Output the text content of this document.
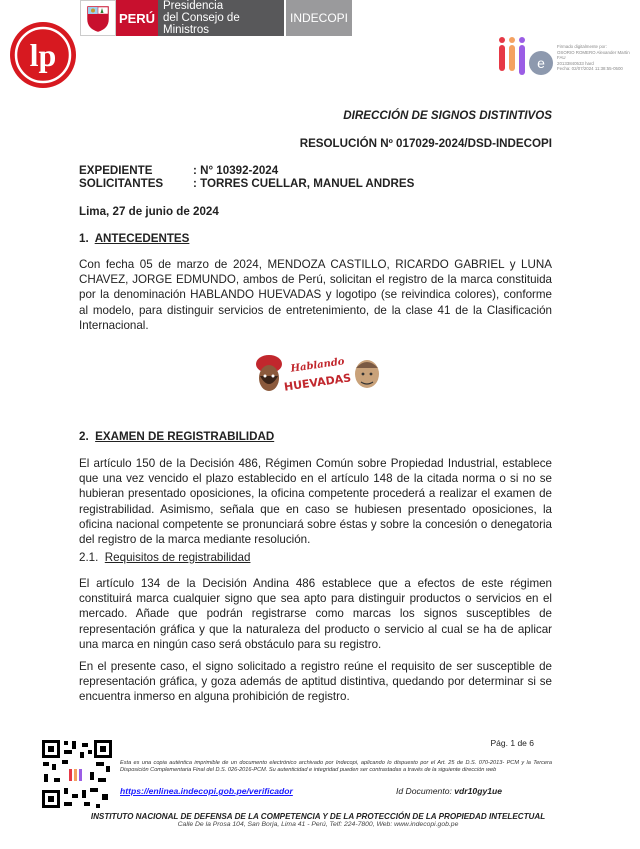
PERÚ
Presidencia
del Consejo de Ministros
INDECOPI
lp	e
Firmado digitalmente por:
OSORIO ROMERO Alexander Martin FAU
20133840533 hard
Fecha: 02/07/2024 11:38:55-0500
DIRECCIÓN DE SIGNOS DISTINTIVOS
RESOLUCIÓN Nº 017029-2024/DSD-INDECOPI
EXPEDIENTE	: N° 10392-2024
SOLICITANTES	: TORRES CUELLAR, MANUEL ANDRES
Lima, 27 de junio de 2024
1. ANTECEDENTES
Con fecha 05 de marzo de 2024, MENDOZA CASTILLO, RICARDO GABRIEL y LUNA CHAVEZ, JORGE EDMUNDO, ambos de Perú, solicitan el registro de la marca constituida por la denominación HABLANDO HUEVADAS y logotipo (se reivindica colores), conforme al modelo, para distinguir servicios de entretenimiento, de la clase 41 de la Clasificación Internacional.
Hablando
HUEVADAS
2. EXAMEN DE REGISTRABILIDAD
El artículo 150 de la Decisión 486, Régimen Común sobre Propiedad Industrial, establece que una vez vencido el plazo establecido en el artículo 148 de la citada norma o si no se hubieran presentado oposiciones, la oficina competente procederá a realizar el examen de registrabilidad. Asimismo, señala que en caso se hubiesen presentado oposiciones, la oficina nacional competente se pronunciará sobre éstas y sobre la concesión o denegatoria del registro de la marca mediante resolución.
2.1. Requisitos de registrabilidad
El artículo 134 de la Decisión Andina 486 establece que a efectos de este régimen constituirá marca cualquier signo que sea apto para distinguir productos o servicios en el mercado. Añade que podrán registrarse como marcas los signos susceptibles de representación gráfica y que la naturaleza del producto o servicio al cual se ha de aplicar una marca en ningún caso será obstáculo para su registro.
En el presente caso, el signo solicitado a registro reúne el requisito de ser susceptible de representación gráfica, y goza además de aptitud distintiva, quedando por determinar si se encuentra inmerso en alguna prohibición de registro.
Pág. 1 de 6
Esta es una copia auténtica imprimible de un documento electrónico archivado por Indecopi, aplicando lo dispuesto por el Art. 25 de D.S. 070-2013- PCM y la Tercera Disposición Complementaria Final del D.S. 026-2016-PCM. Su autenticidad e integridad pueden ser contrastadas a través de la siguiente dirección web
https://enlinea.indecopi.gob.pe/verificador	Id Documento: vdr10gy1ue
INSTITUTO NACIONAL DE DEFENSA DE LA COMPETENCIA Y DE LA PROTECCIÓN DE LA PROPIEDAD INTELECTUAL
Calle De la Prosa 104, San Borja, Lima 41 - Perú, Telf: 224-7800, Web: www.indecopi.gob.pe
